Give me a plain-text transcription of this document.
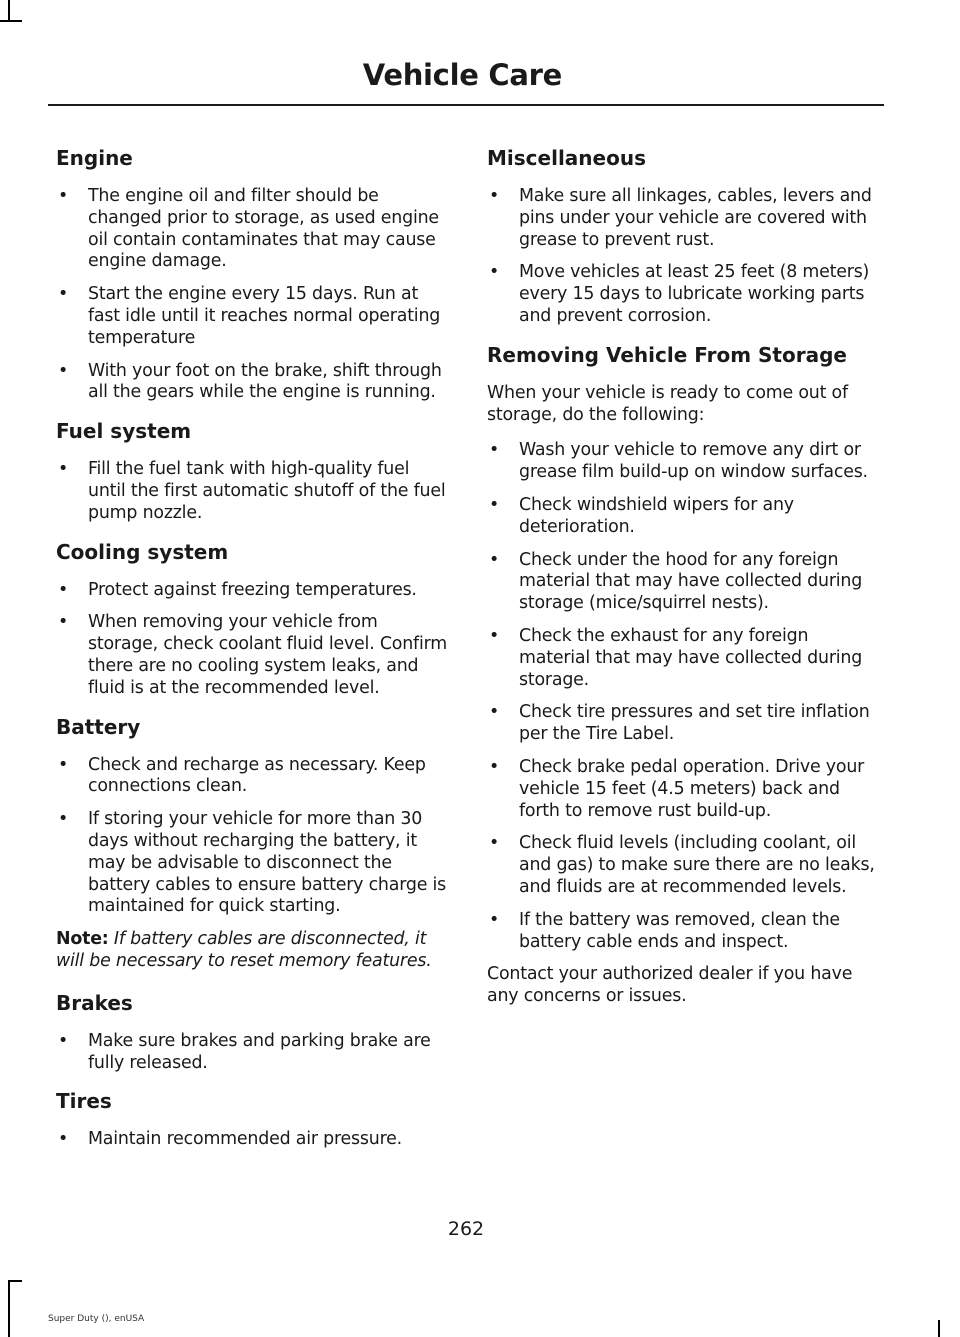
Vehicle Care
Engine
• The engine oil and filter should be changed prior to storage, as used engine oil contain contaminates that may cause engine damage.
• Start the engine every 15 days. Run at fast idle until it reaches normal operating temperature
• With your foot on the brake, shift through all the gears while the engine is running.
Fuel system
• Fill the fuel tank with high-quality fuel until the first automatic shutoff of the fuel pump nozzle.
Cooling system
• Protect against freezing temperatures.
• When removing your vehicle from storage, check coolant fluid level. Confirm there are no cooling system leaks, and fluid is at the recommended level.
Battery
• Check and recharge as necessary. Keep connections clean.
• If storing your vehicle for more than 30 days without recharging the battery, it may be advisable to disconnect the battery cables to ensure battery charge is maintained for quick starting.

Note: If battery cables are disconnected, it will be necessary to reset memory features.

Brakes
• Make sure brakes and parking brake are fully released.
Tires
• Maintain recommended air pressure.
Miscellaneous
• Make sure all linkages, cables, levers and pins under your vehicle are covered with grease to prevent rust.
• Move vehicles at least 25 feet (8 meters) every 15 days to lubricate working parts and prevent corrosion.
Removing Vehicle From Storage

When your vehicle is ready to come out of storage, do the following:

• Wash your vehicle to remove any dirt or grease film build-up on window surfaces.
• Check windshield wipers for any deterioration.
• Check under the hood for any foreign material that may have collected during storage (mice/squirrel nests).
• Check the exhaust for any foreign material that may have collected during storage.
• Check tire pressures and set tire inflation per the Tire Label.
• Check brake pedal operation. Drive your vehicle 15 feet (4.5 meters) back and forth to remove rust build-up.
• Check fluid levels (including coolant, oil and gas) to make sure there are no leaks, and fluids are at recommended levels.
• If the battery was removed, clean the battery cable ends and inspect.

Contact your authorized dealer if you have any concerns or issues.

262
Super Duty (), enUSA
